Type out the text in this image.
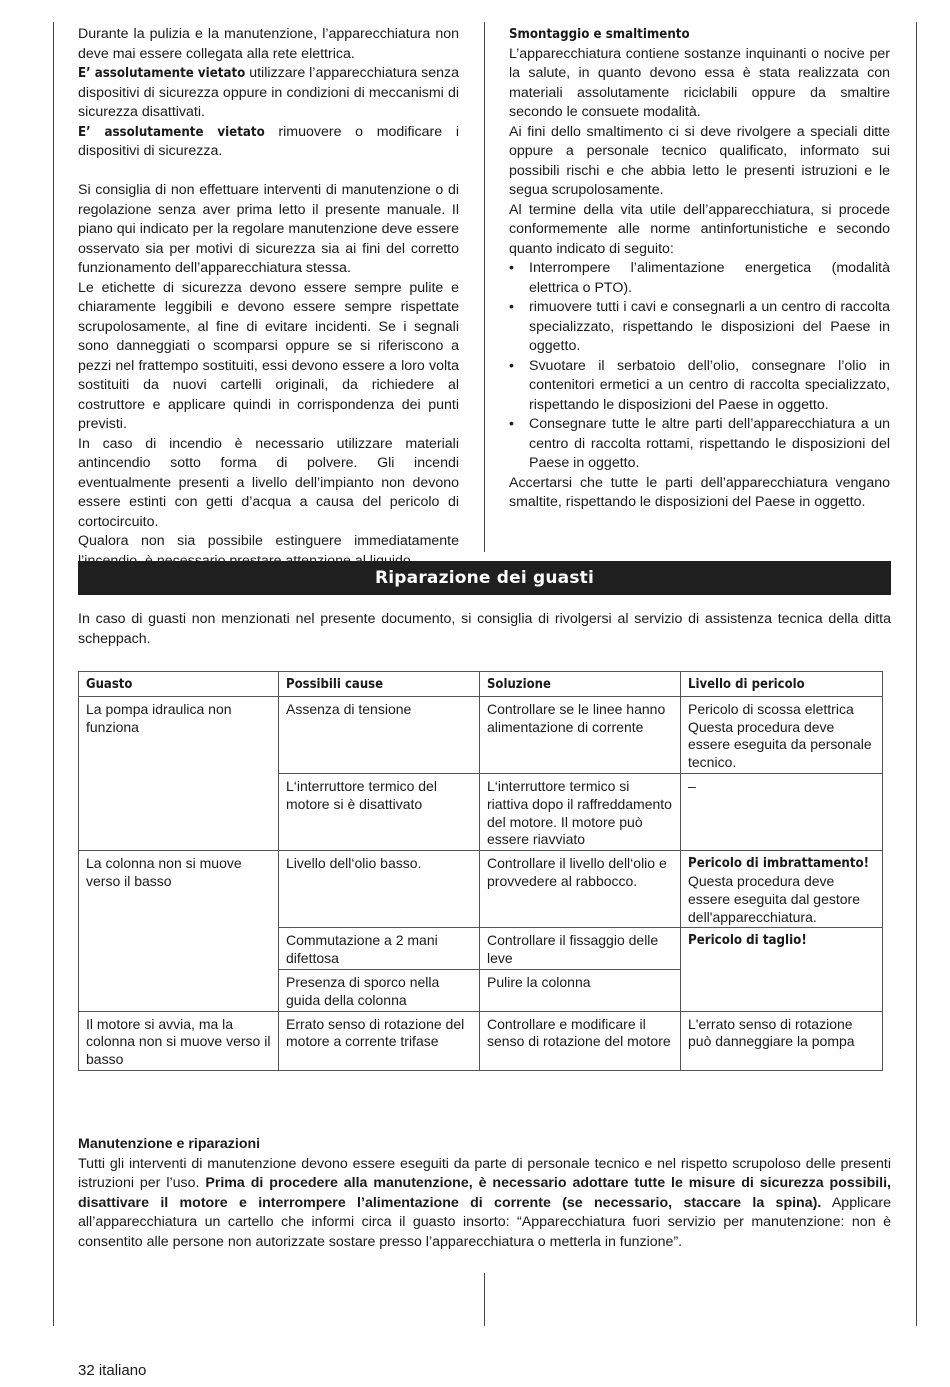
Durante la pulizia e la manutenzione, l’apparecchiatura non deve mai essere collegata alla rete elettrica.

E’ assolutamente vietato utilizzare l’apparecchiatura senza dispositivi di sicurezza oppure in condizioni di meccanismi di sicurezza disattivati.

E’ assolutamente vietato rimuovere o modificare i dispositivi di sicurezza.

Si consiglia di non effettuare interventi di manutenzione o di regolazione senza aver prima letto il presente manuale. Il piano qui indicato per la regolare manutenzione deve essere osservato sia per motivi di sicurezza sia ai fini del corretto funzionamento dell’apparecchiatura stessa.

Le etichette di sicurezza devono essere sempre pulite e chiaramente leggibili e devono essere sempre rispettate scrupolosamente, al fine di evitare incidenti. Se i segnali sono danneggiati o scomparsi oppure se si riferiscono a pezzi nel frattempo sostituiti, essi devono essere a loro volta sostituiti da nuovi cartelli originali, da richiedere al costruttore e applicare quindi in corrispondenza dei punti previsti.

In caso di incendio è necessario utilizzare materiali antincendio sotto forma di polvere. Gli incendi eventualmente presenti a livello dell’impianto non devono essere estinti con getti d’acqua a causa del pericolo di cortocircuito.

Qualora non sia possibile estinguere immediatamente

Smontaggio e smaltimento

L’apparecchiatura contiene sostanze inquinanti o nocive per la salute, in quanto devono essa è stata realizzata con materiali assolutamente riciclabili oppure da smaltire secondo le consuete modalità.

Ai fini dello smaltimento ci si deve rivolgere a speciali ditte oppure a personale tecnico qualificato, informato sui possibili rischi e che abbia letto le presenti istruzioni e le segua scrupolosamente.

Al termine della vita utile dell’apparecchiatura, si procede conformemente alle norme antinfortunistiche e secondo quanto indicato di seguito:

• Interrompere l’alimentazione energetica (modalità elettrica o PTO).
• rimuovere tutti i cavi e consegnarli a un centro di raccolta specializzato, rispettando le disposizioni del Paese in oggetto.
• Svuotare il serbatoio dell’olio, consegnare l’olio in contenitori ermetici a un centro di raccolta specializzato, rispettando le disposizioni del Paese in oggetto.
• Consegnare tutte le altre parti dell’apparecchiatura a un centro di raccolta rottami, rispettando le disposizioni del Paese in oggetto.

Accertarsi che tutte le parti dell’apparecchiatura vengano smaltite, rispettando le disposizioni del Paese in oggetto.

Riparazione dei guasti

In caso di guasti non menzionati nel presente documento, si consiglia di rivolgersi al servizio di assistenza tecnica della ditta scheppach.

Guasto	Possibili cause	Soluzione	Livello di pericolo
La pompa idraulica non funziona	Assenza di tensione	Controllare se le linee hanno alimentazione di corrente	Pericolo di scossa elettrica
Questa procedura deve essere eseguita da personale tecnico.

	L‘interruttore termico del motore si è disattivato	L‘interruttore termico si riattiva dopo il raffreddamento del motore. Il motore può essere riavviato	–
La colonna non si muove verso il basso	Livello dell‘olio basso.	Controllare il livello dell‘olio e provvedere al rabbocco.	Pericolo di imbrattamento!
Questa procedura deve essere eseguita dal gestore dell'apparecchiatura.

	Commutazione a 2 mani difettosa	Controllare il fissaggio delle leve	Pericolo di taglio!

	Presenza di sporco nella guida della colonna	Pulire la colonna	
Il motore si avvia, ma la colonna non si muove verso il basso	Errato senso di rotazione del motore a corrente trifase	Controllare e modificare il senso di rotazione del motore	L'errato senso di rotazione può danneggiare la pompa

Manutenzione e riparazioni

Tutti gli interventi di manutenzione devono essere eseguiti da parte di personale tecnico e nel rispetto scrupoloso delle presenti istruzioni per l’uso. Prima di procedere alla manutenzione, è necessario adottare tutte le misure di sicurezza possibili, disattivare il motore e interrompere l’alimentazione di corrente (se necessario, staccare la spina). Applicare all’apparecchiatura un cartello che informi circa il guasto insorto: “Apparecchiatura fuori servizio per manutenzione: non è consentito alle persone non autorizzate sostare presso l’apparecchiatura o metterla in funzione”.

32 italiano
